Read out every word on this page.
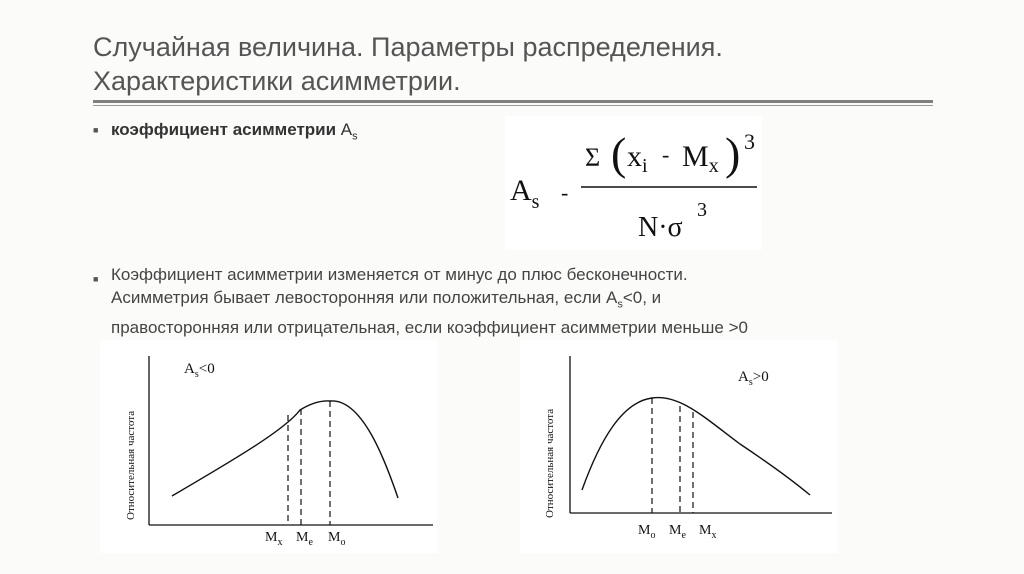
Случайная величина. Параметры распределения.
Характеристики асимметрии.
■ коэффициент асимметрии $A_s$
$A_s$ -
Σ ( $x_i - M_x$ ) 3
N·σ
3
■ Коэффициент асимметрии изменяется от минус до плюс бесконечности.
Асимметрия бывает левосторонняя или положительная, если $A_s<0$, и
правосторонняя или отрицательная, если коэффициент асимметрии меньше >0
Относительная частота
$A_s<0$
$M_x$ $M_e$ $M_o$
Относительная частота
$A_s>0$
$M_o$ $M_e$ $M_x$
